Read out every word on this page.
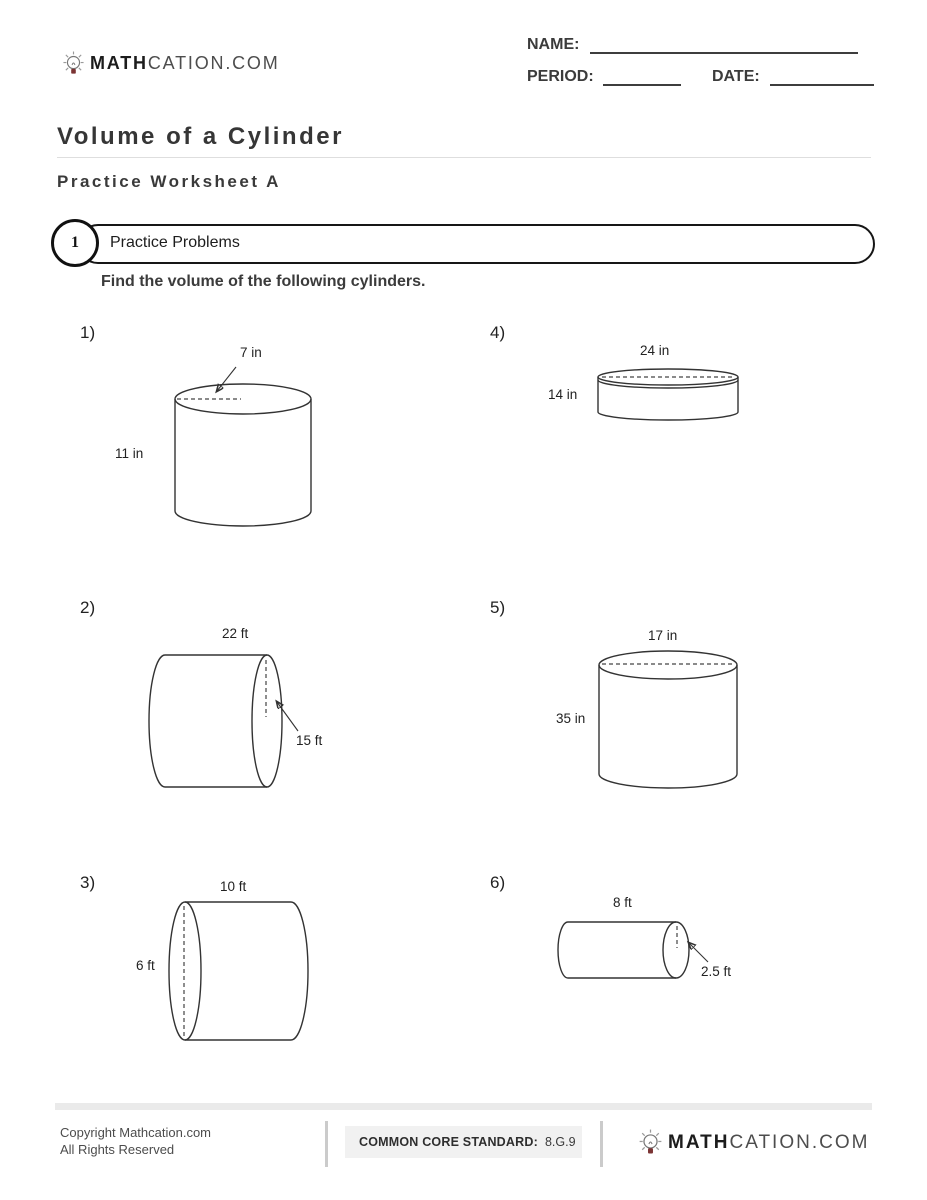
MATHCATION.COM
NAME:
PERIOD:	DATE:
Volume of a Cylinder
Practice Worksheet A
1 Practice Problems
Find the volume of the following cylinders.
1)
7 in
11 in
4)
24 in
14 in
2)
22 ft
15 ft
5)
17 in
35 in
3)	10 ft
6 ft
6)
8 ft
2.5 ft
Copyright Mathcation.com
All Rights Reserved	COMMON CORE STANDARD: 8.G.9	MATHCATION.COM
